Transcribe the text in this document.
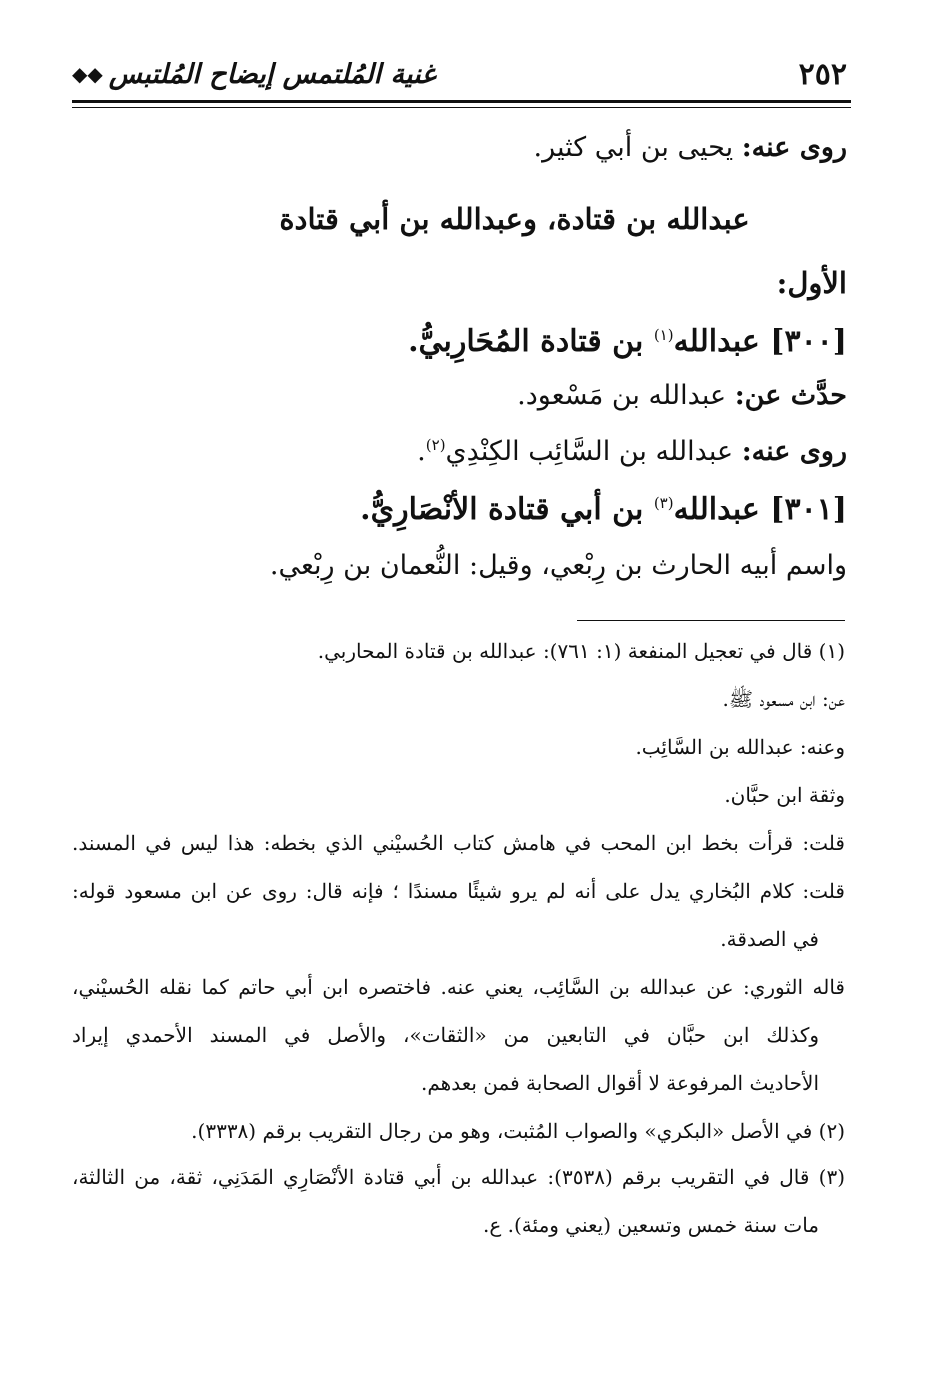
٢٥٢
غنية المُلتمس إيضاح المُلتبس
◆◆

روى عنه: يحيى بن أبي كثير.

عبدالله بن قتادة، وعبدالله بن أبي قتادة

الأول:

[٣٠٠] عبدالله$^{(١)}$ بن قتادة المُحَارِبيُّ.

حدَّث عن: عبدالله بن مَسْعود.

روى عنه: عبدالله بن السَّائِب الكِنْدِي$^{(٢)}$.

[٣٠١] عبدالله$^{(٣)}$ بن أبي قتادة الأنْصَارِيُّ.

واسم أبيه الحارث بن رِبْعي، وقيل: النُّعمان بن رِبْعي.

(١) قال في تعجيل المنفعة (١: ٧٦١): عبدالله بن قتادة المحاربي.

عن: ابن مسعود ﷺ.

وعنه: عبدالله بن السَّائِب.

وثقة ابن حبَّان.

قلت: قرأت بخط ابن المحب في هامش كتاب الحُسيْني الذي بخطه: هذا ليس في المسند.

قلت: كلام البُخاري يدل على أنه لم يرو شيئًا مسندًا ؛ فإنه قال: روى عن ابن مسعود قوله:

في الصدقة.

قاله الثوري: عن عبدالله بن السَّائِب، يعني عنه. فاختصره ابن أبي حاتم كما نقله الحُسيْني،

وكذلك ابن حبَّان في التابعين من «الثقات»، والأصل في المسند الأحمدي إيراد

الأحاديث المرفوعة لا أقوال الصحابة فمن بعدهم.

(٢) في الأصل «البكري» والصواب المُثبت، وهو من رجال التقريب برقم (٣٣٣٨).

(٣) قال في التقريب برقم (٣٥٣٨): عبدالله بن أبي قتادة الأنْصَارِي المَدَنِي، ثقة، من الثالثة،

مات سنة خمس وتسعين (يعني ومئة). ع.
